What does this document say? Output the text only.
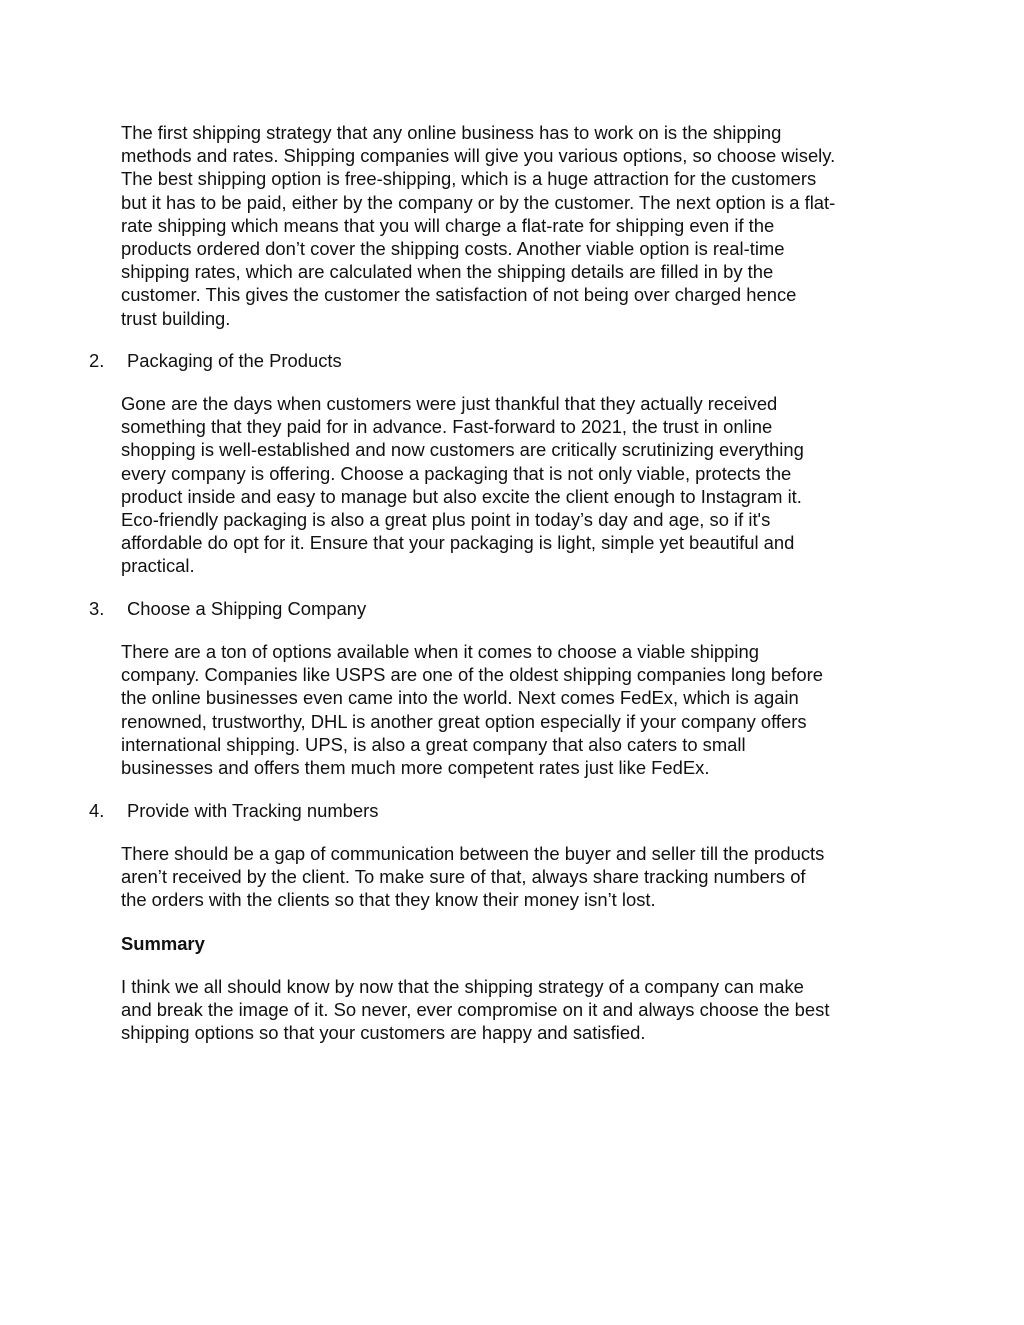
The first shipping strategy that any online business has to work on is the shipping
methods and rates. Shipping companies will give you various options, so choose wisely.
The best shipping option is free-shipping, which is a huge attraction for the customers
but it has to be paid, either by the company or by the customer. The next option is a flat-
rate shipping which means that you will charge a flat-rate for shipping even if the
products ordered don’t cover the shipping costs. Another viable option is real-time
shipping rates, which are calculated when the shipping details are filled in by the
customer. This gives the customer the satisfaction of not being over charged hence
trust building.

2. Packaging of the Products

Gone are the days when customers were just thankful that they actually received
something that they paid for in advance. Fast-forward to 2021, the trust in online
shopping is well-established and now customers are critically scrutinizing everything
every company is offering. Choose a packaging that is not only viable, protects the
product inside and easy to manage but also excite the client enough to Instagram it.
Eco-friendly packaging is also a great plus point in today’s day and age, so if it's
affordable do opt for it. Ensure that your packaging is light, simple yet beautiful and
practical.

3. Choose a Shipping Company

There are a ton of options available when it comes to choose a viable shipping
company. Companies like USPS are one of the oldest shipping companies long before
the online businesses even came into the world. Next comes FedEx, which is again
renowned, trustworthy, DHL is another great option especially if your company offers
international shipping. UPS, is also a great company that also caters to small
businesses and offers them much more competent rates just like FedEx.

4. Provide with Tracking numbers

There should be a gap of communication between the buyer and seller till the products
aren’t received by the client. To make sure of that, always share tracking numbers of
the orders with the clients so that they know their money isn’t lost.

Summary

I think we all should know by now that the shipping strategy of a company can make
and break the image of it. So never, ever compromise on it and always choose the best
shipping options so that your customers are happy and satisfied.
